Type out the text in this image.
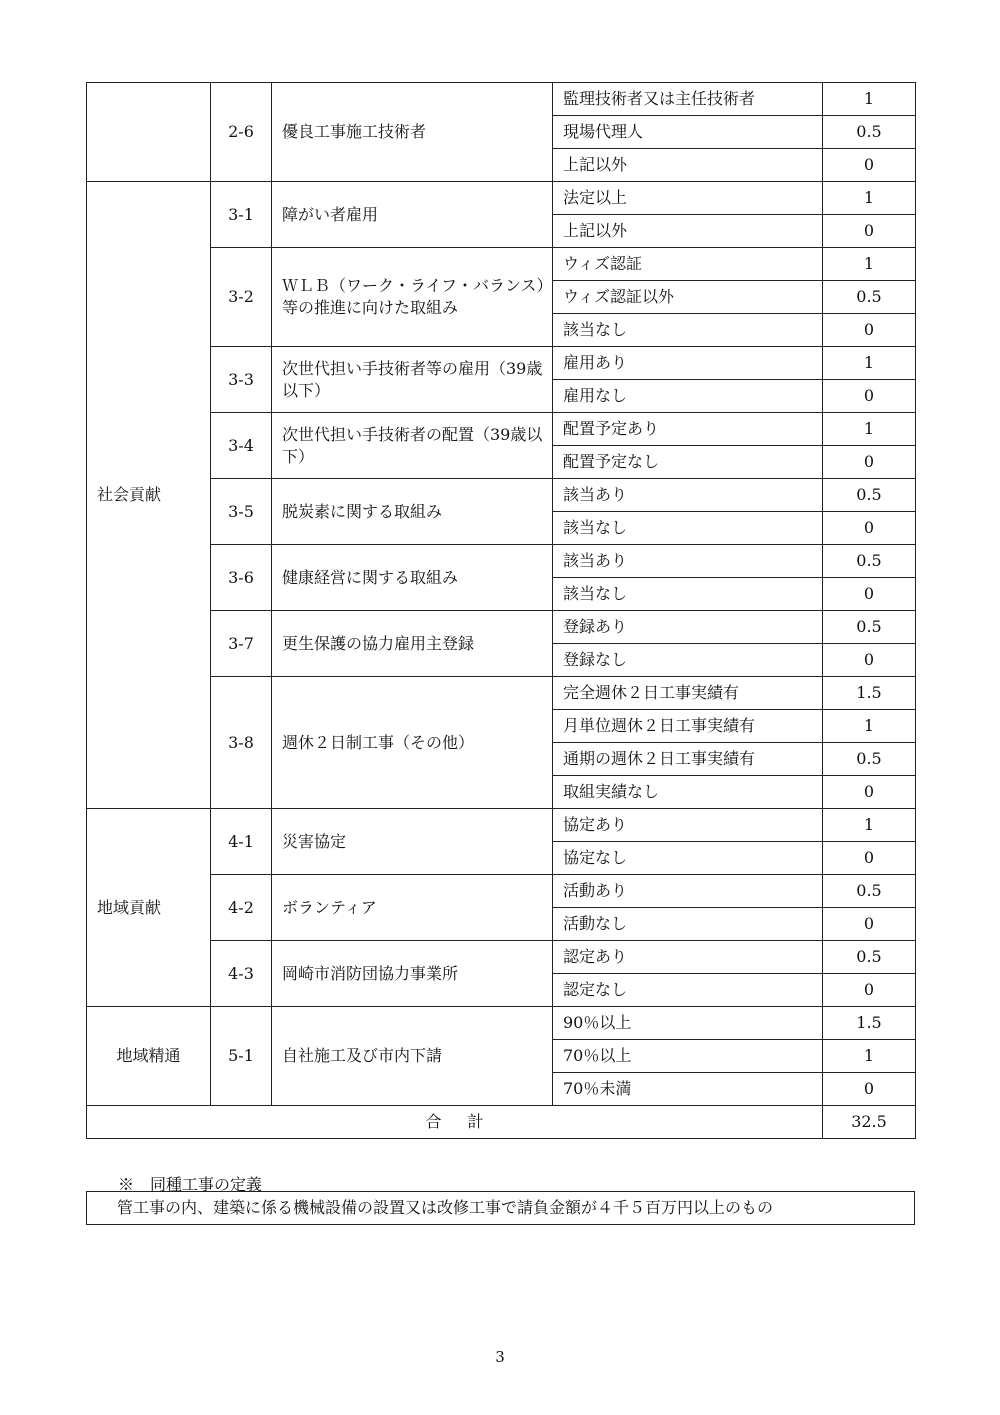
	2-6	優良工事施工技術者	監理技術者又は主任技術者	1
			現場代理人	0.5
			上記以外	0
社会貢献	3-1	障がい者雇用	法定以上	1
			上記以外	0
	3-2	ＷＬＢ（ワーク・ライフ・バランス）等の推進に向けた取組み	ウィズ認証	1
			ウィズ認証以外	0.5
			該当なし	0
	3-3	次世代担い手技術者等の雇用（39歳以下）	雇用あり	1
			雇用なし	0
	3-4	次世代担い手技術者の配置（39歳以下）	配置予定あり	1
			配置予定なし	0
	3-5	脱炭素に関する取組み	該当あり	0.5
			該当なし	0
	3-6	健康経営に関する取組み	該当あり	0.5
			該当なし	0
	3-7	更生保護の協力雇用主登録	登録あり	0.5
			登録なし	0
	3-8	週休２日制工事（その他）	完全週休２日工事実績有	1.5
			月単位週休２日工事実績有	1
			通期の週休２日工事実績有	0.5
			取組実績なし	0
地域貢献	4-1	災害協定	協定あり	1
			協定なし	0
	4-2	ボランティア	活動あり	0.5
			活動なし	0
	4-3	岡崎市消防団協力事業所	認定あり	0.5
			認定なし	0
地域精通	5-1	自社施工及び市内下請	90％以上	1.5
			70％以上	1
			70％未満	0
合 計				32.5
※　同種工事の定義
管工事の内、建築に係る機械設備の設置又は改修工事で請負金額が４千５百万円以上のもの
3
